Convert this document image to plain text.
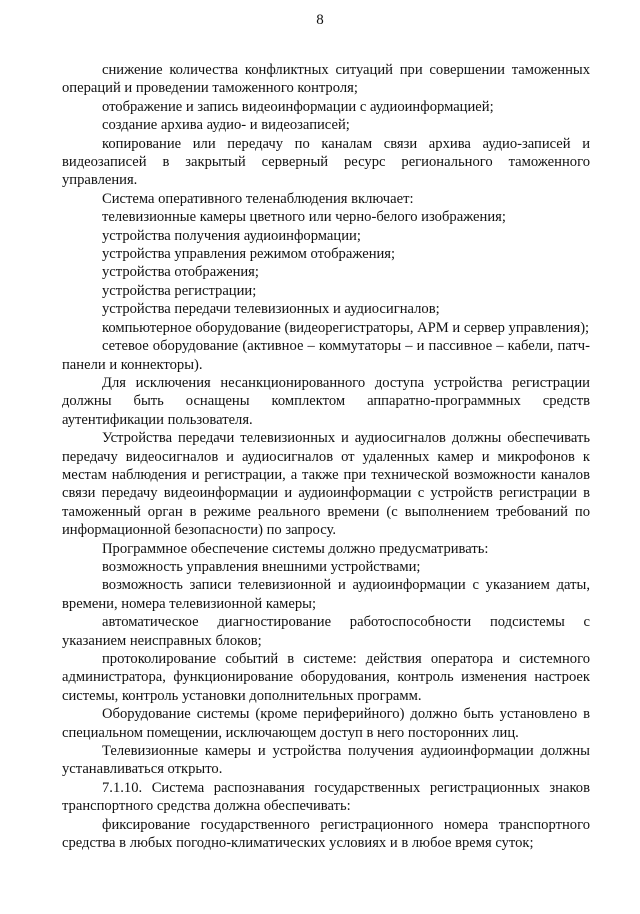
8

снижение количества конфликтных ситуаций при совершении таможенных операций и проведении таможенного контроля;

отображение и запись видеоинформации с аудиоинформацией;

создание архива аудио- и видеозаписей;

копирование или передачу по каналам связи архива аудио-записей и видеозаписей в закрытый серверный ресурс регионального таможенного управления.

Система оперативного теленаблюдения включает:

телевизионные камеры цветного или черно-белого изображения;

устройства получения аудиоинформации;

устройства управления режимом отображения;

устройства отображения;

устройства регистрации;

устройства передачи телевизионных и аудиосигналов;

компьютерное оборудование (видеорегистраторы, АРМ и сервер управления);

сетевое оборудование (активное – коммутаторы – и пассивное – кабели, патч-панели и коннекторы).

Для исключения несанкционированного доступа устройства регистрации должны быть оснащены комплектом аппаратно-программных средств аутентификации пользователя.

Устройства передачи телевизионных и аудиосигналов должны обеспечивать передачу видеосигналов и аудиосигналов от удаленных камер и микрофонов к местам наблюдения и регистрации, а также при технической возможности каналов связи передачу видеоинформации и аудиоинформации с устройств регистрации в таможенный орган в режиме реального времени (с выполнением требований по информационной безопасности) по запросу.

Программное обеспечение системы должно предусматривать:

возможность управления внешними устройствами;

возможность записи телевизионной и аудиоинформации с указанием даты, времени, номера телевизионной камеры;

автоматическое диагностирование работоспособности подсистемы с указанием неисправных блоков;

протоколирование событий в системе: действия оператора и системного администратора, функционирование оборудования, контроль изменения настроек системы, контроль установки дополнительных программ.

Оборудование системы (кроме периферийного) должно быть установлено в специальном помещении, исключающем доступ в него посторонних лиц.

Телевизионные камеры и устройства получения аудиоинформации должны устанавливаться открыто.

7.1.10. Система распознавания государственных регистрационных знаков транспортного средства должна обеспечивать:

фиксирование государственного регистрационного номера транспортного средства в любых погодно-климатических условиях и в любое время суток;
